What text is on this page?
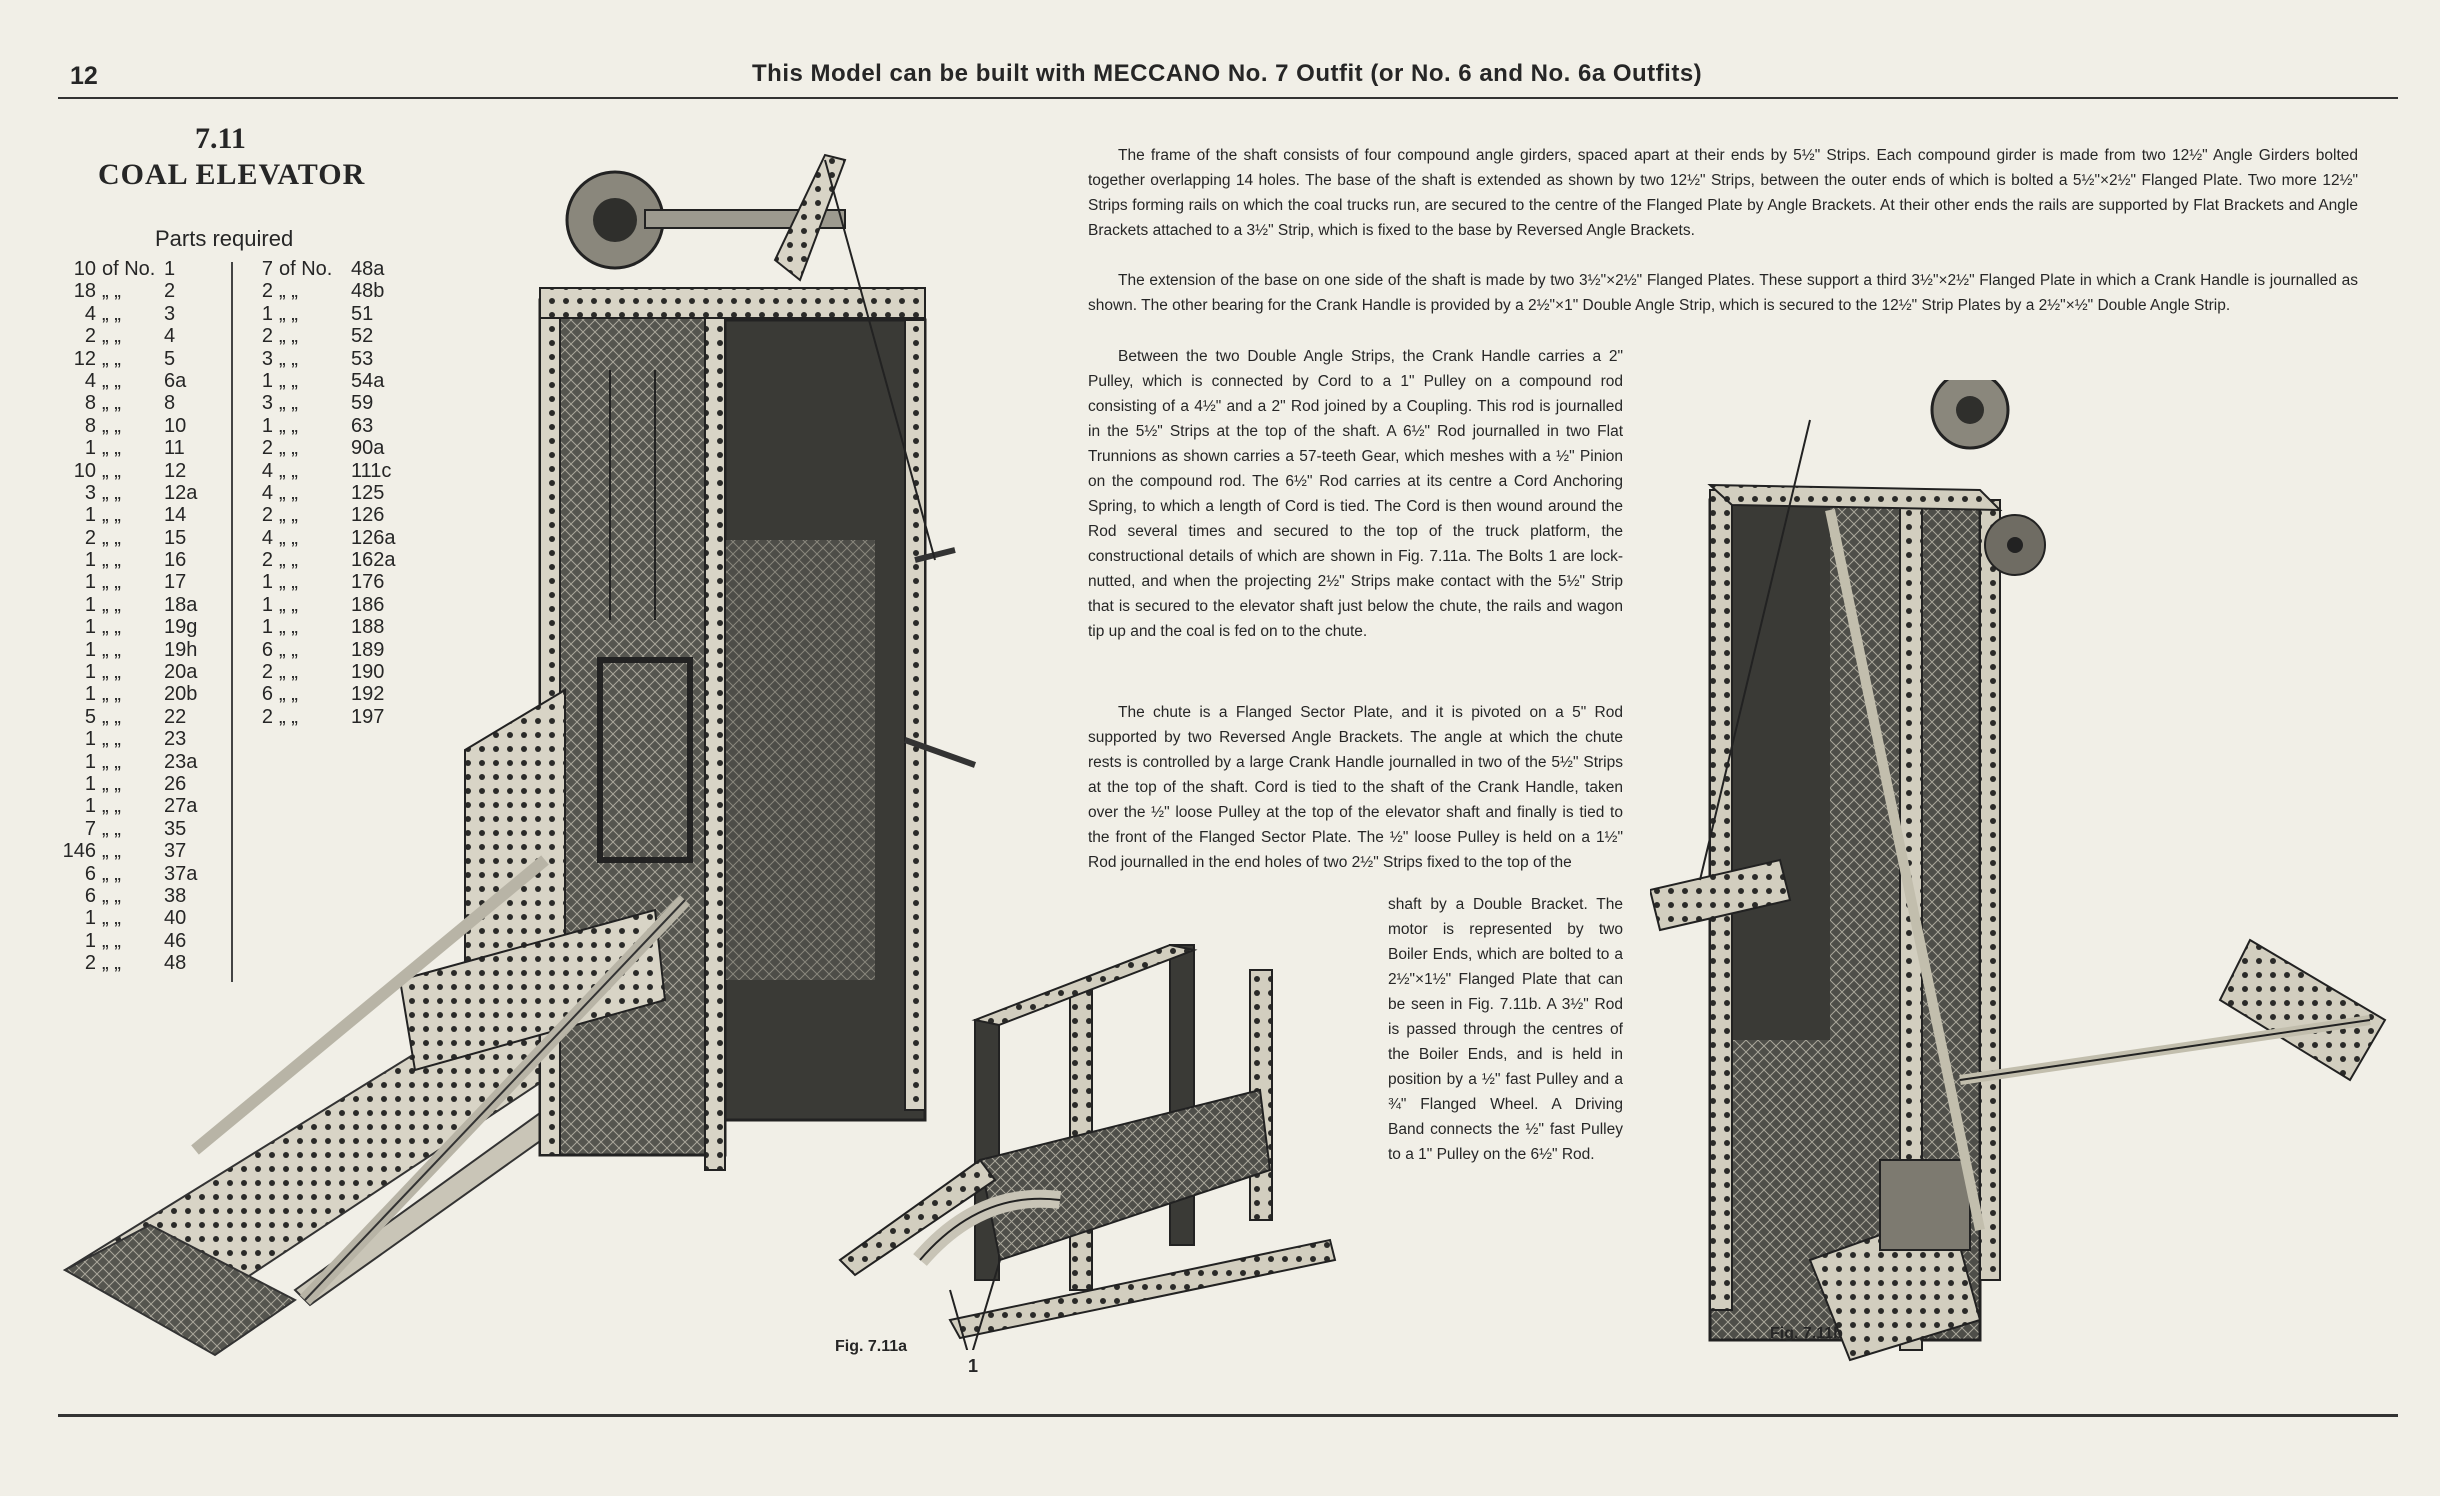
12	This Model can be built with MECCANO No. 7 Outfit (or No. 6 and No. 6a Outfits)
7.11
COAL ELEVATOR
Parts required
10 of No. 1
18 „ „	2
4 „ „	3
2 „ „	4
12 „ „	5
4 „ „	6a
8 „ „	8
8 „ „	10
1 „ „	11
10 „ „	12
3 „ „	12a
1 „ „	14
2 „ „	15
1 „ „	16
1 „ „	17
1 „ „	18a
1 „ „	19g
1 „ „	19h
1 „ „	20a
1 „ „	20b
5 „ „	22
1 „ „	23
1 „ „	23a
1 „ „	26
1 „ „	27a
7 „ „	35
146 „ „	37
6 „ „	37a
6 „ „	38
1 „ „	40
1 „ „	46
2 „ „	48
7 of No. 48a
2 „ „	48b
1 „ „	51
2 „ „	52
3 „ „	53
1 „ „	54a
3 „ „	59
1 „ „	63
2 „ „	90a
4 „ „	111c
4 „ „	125
2 „ „	126
4 „ „	126a
2 „ „	162a
1 „ „	176
1 „ „	186
1 „ „	188
6 „ „	189
2 „ „	190
6 „ „	192
2 „ „	197
Fig. 7.11a
1
Fig. 7.11b

The frame of the shaft consists of four compound angle girders, spaced apart at their ends by 5½" Strips. Each compound girder is made from two 12½" Angle Girders bolted together overlapping 14 holes. The base of the shaft is extended as shown by two 12½" Strips, between the outer ends of which is bolted a 5½"×2½" Flanged Plate. Two more 12½" Strips forming rails on which the coal trucks run, are secured to the centre of the Flanged Plate by Angle Brackets. At their other ends the rails are supported by Flat Brackets and Angle Brackets attached to a 3½" Strip, which is fixed to the base by Reversed Angle Brackets.

The extension of the base on one side of the shaft is made by two 3½"×2½" Flanged Plates. These support a third 3½"×2½" Flanged Plate in which a Crank Handle is journalled as shown. The other bearing for the Crank Handle is provided by a 2½"×1" Double Angle Strip, which is secured to the 12½" Strip Plates by a 2½"×½" Double Angle Strip.

Between the two Double Angle Strips, the Crank Handle carries a 2" Pulley, which is connected by Cord to a 1" Pulley on a compound rod consisting of a 4½" and a 2" Rod joined by a Coupling. This rod is journalled in the 5½" Strips at the top of the shaft. A 6½" Rod journalled in two Flat Trunnions as shown carries a 57-teeth Gear, which meshes with a ½" Pinion on the compound rod. The 6½" Rod carries at its centre a Cord Anchoring Spring, to which a length of Cord is tied. The Cord is then wound around the Rod several times and secured to the top of the truck platform, the constructional details of which are shown in Fig. 7.11a. The Bolts 1 are lock-nutted, and when the projecting 2½" Strips make contact with the 5½" Strip that is secured to the elevator shaft just below the chute, the rails and wagon tip up and the coal is fed on to the chute.

The chute is a Flanged Sector Plate, and it is pivoted on a 5" Rod supported by two Reversed Angle Brackets. The angle at which the chute rests is controlled by a large Crank Handle journalled in two of the 5½" Strips at the top of the shaft. Cord is tied to the shaft of the Crank Handle, taken over the ½" loose Pulley at the top of the elevator shaft and finally is tied to the front of the Flanged Sector Plate. The ½" loose Pulley is held on a 1½" Rod journalled in the end holes of two 2½" Strips fixed to the top of the

shaft by a Double Bracket. The motor is represented by two Boiler Ends, which are bolted to a 2½"×1½" Flanged Plate that can be seen in Fig. 7.11b. A 3½" Rod is passed through the centres of the Boiler Ends, and is held in position by a ½" fast Pulley and a ¾" Flanged Wheel. A Driving Band connects the ½" fast Pulley to a 1" Pulley on the 6½" Rod.
